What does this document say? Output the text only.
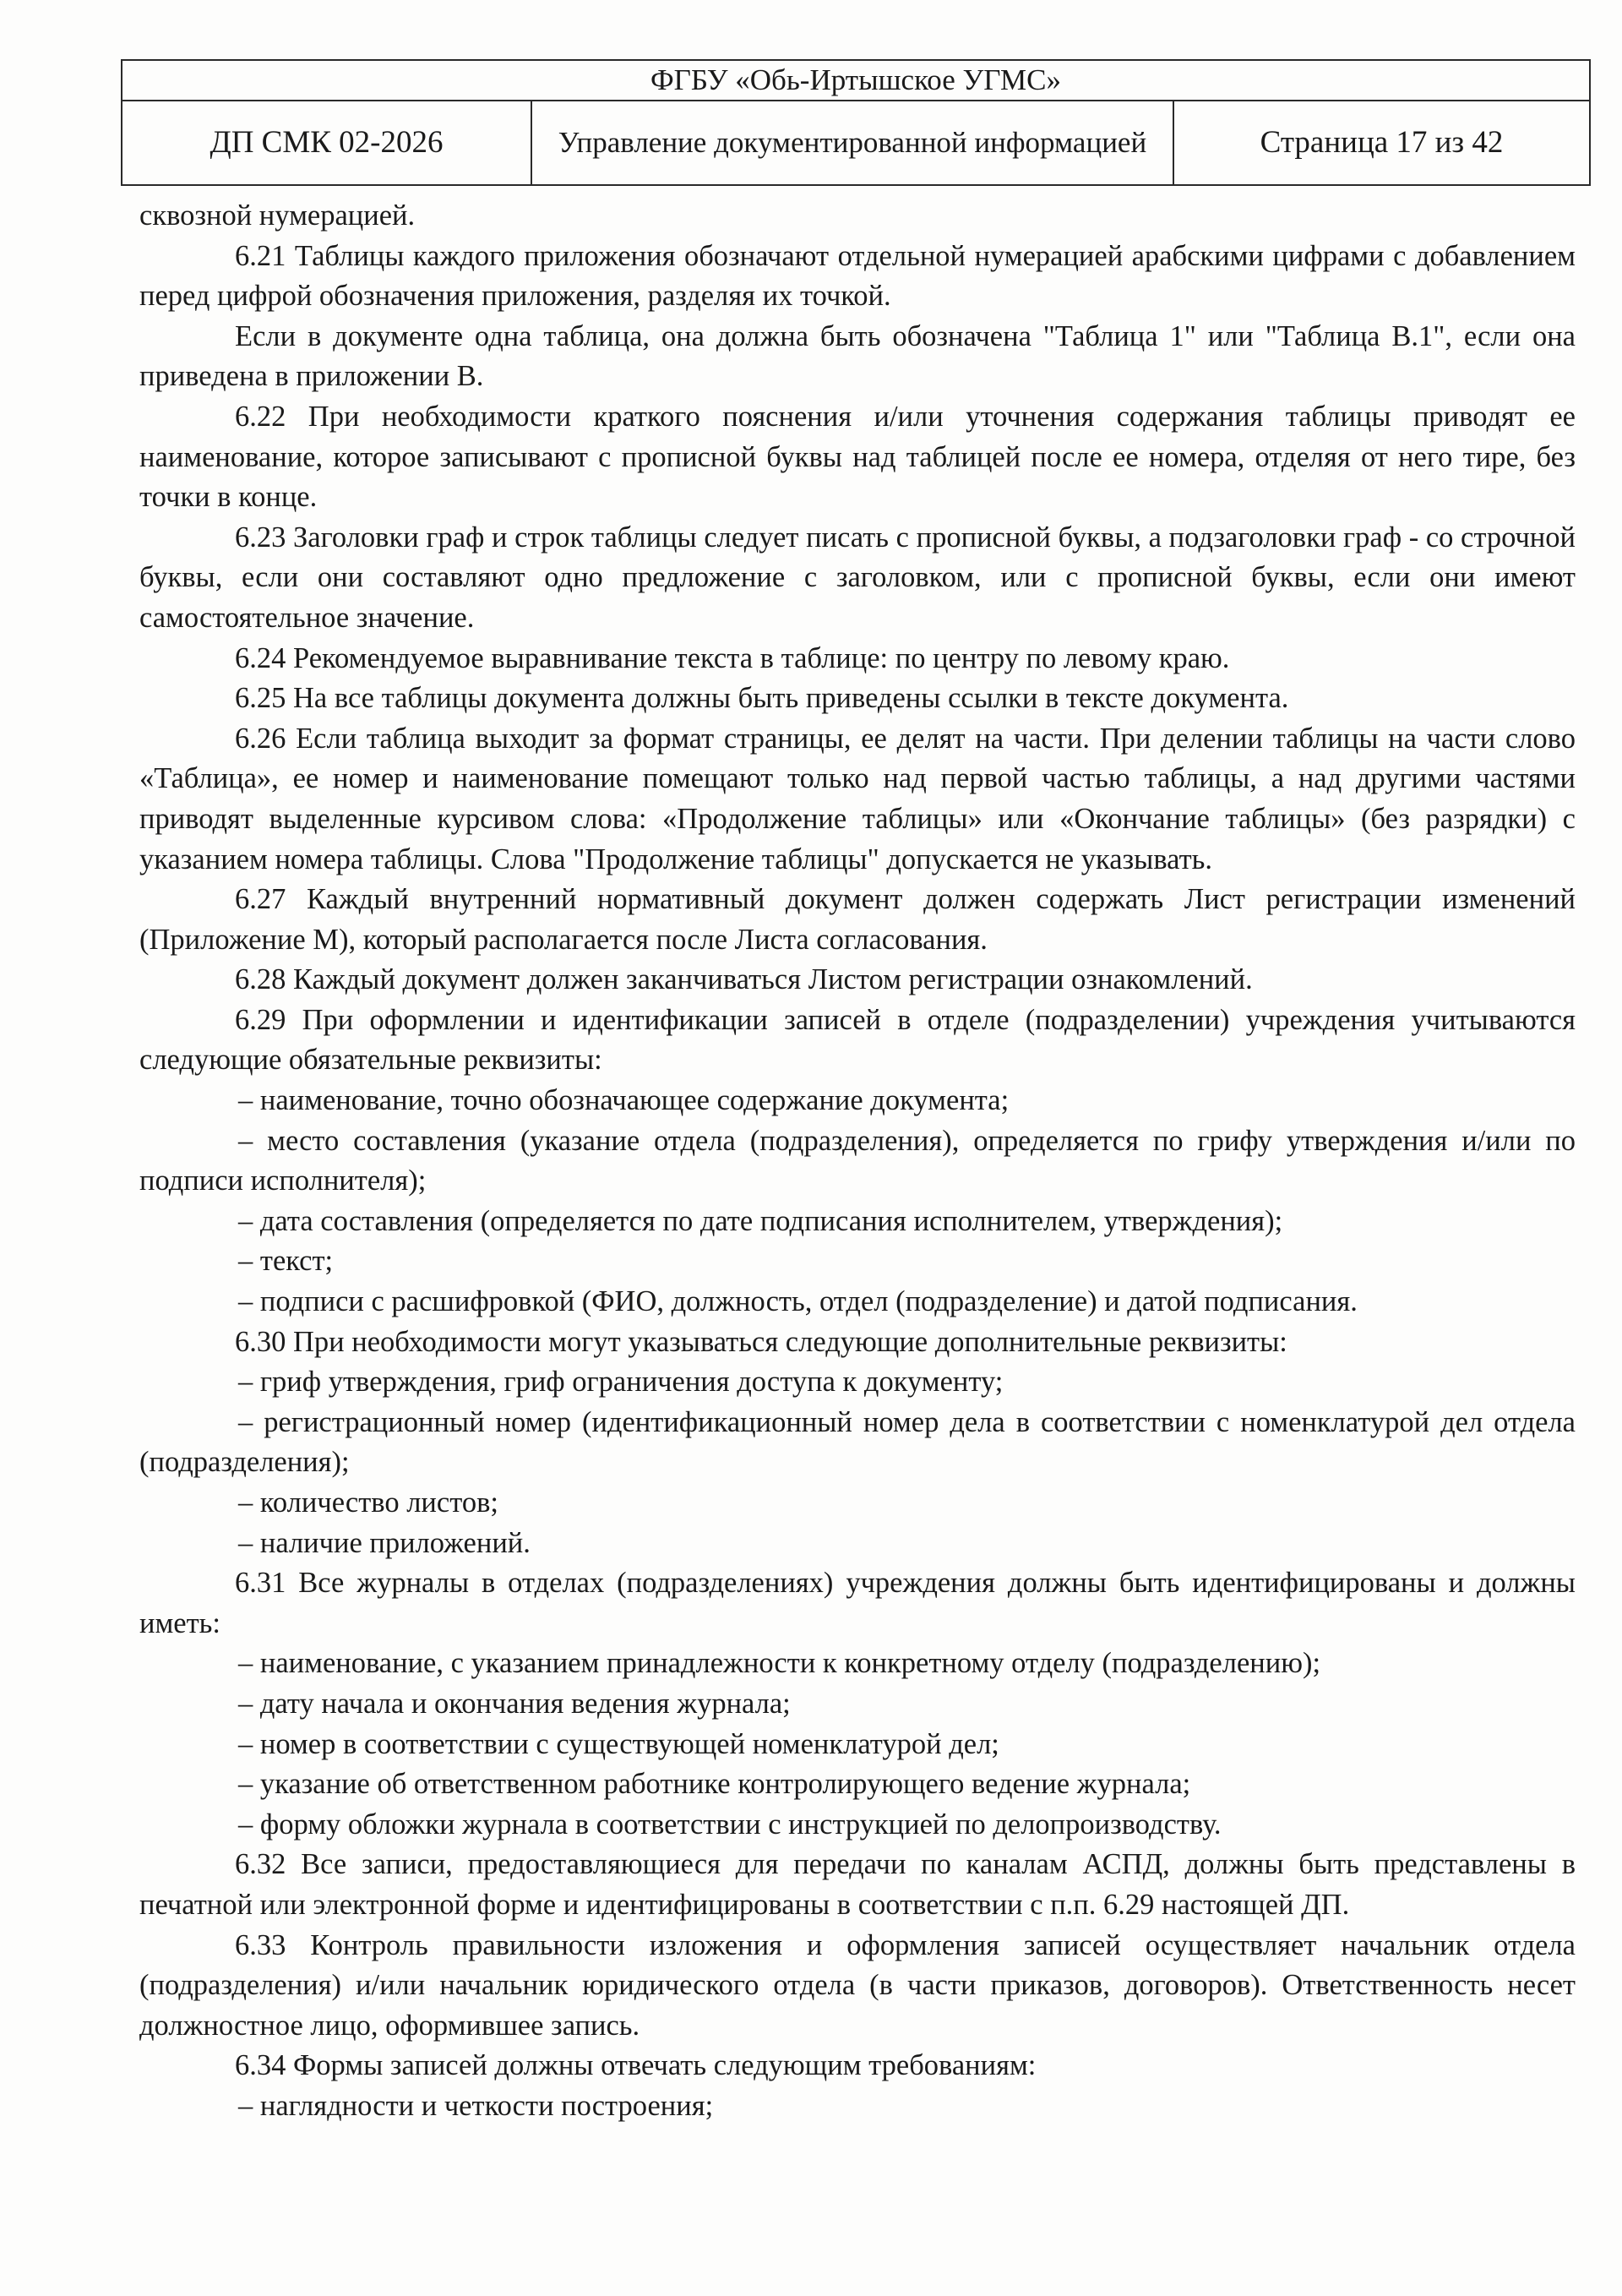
ФГБУ «Обь-Иртышское УГМС»
ДП СМК 02-2026	Управление документированной информацией	Страница 17 из 42

сквозной нумерацией.

6.21 Таблицы каждого приложения обозначают отдельной нумерацией арабскими цифрами с добавлением перед цифрой обозначения приложения, разделяя их точкой.

Если в документе одна таблица, она должна быть обозначена "Таблица 1" или "Таблица В.1", если она приведена в приложении В.

6.22 При необходимости краткого пояснения и/или уточнения содержания таблицы приводят ее наименование, которое записывают с прописной буквы над таблицей после ее номера, отделяя от него тире, без точки в конце.

6.23 Заголовки граф и строк таблицы следует писать с прописной буквы, а подзаголовки граф - со строчной буквы, если они составляют одно предложение с заголовком, или с прописной буквы, если они имеют самостоятельное значение.

6.24 Рекомендуемое выравнивание текста в таблице: по центру по левому краю.

6.25 На все таблицы документа должны быть приведены ссылки в тексте документа.

6.26 Если таблица выходит за формат страницы, ее делят на части. При делении таблицы на части слово «Таблица», ее номер и наименование помещают только над первой частью таблицы, а над другими частями приводят выделенные курсивом слова: «Продолжение таблицы» или «Окончание таблицы» (без разрядки) с указанием номера таблицы. Слова "Продолжение таблицы" допускается не указывать.

6.27 Каждый внутренний нормативный документ должен содержать Лист регистрации изменений (Приложение М), который располагается после Листа согласования.

6.28 Каждый документ должен заканчиваться Листом регистрации ознакомлений.

6.29 При оформлении и идентификации записей в отделе (подразделении) учреждения учитываются следующие обязательные реквизиты:

– наименование, точно обозначающее содержание документа;

– место составления (указание отдела (подразделения), определяется по грифу утверждения и/или по подписи исполнителя);

– дата составления (определяется по дате подписания исполнителем, утверждения);

– текст;

– подписи с расшифровкой (ФИО, должность, отдел (подразделение) и датой подписания.

6.30 При необходимости могут указываться следующие дополнительные реквизиты:

– гриф утверждения, гриф ограничения доступа к документу;

– регистрационный номер (идентификационный номер дела в соответствии с номенклатурой дел отдела (подразделения);

– количество листов;

– наличие приложений.

6.31 Все журналы в отделах (подразделениях) учреждения должны быть идентифицированы и должны иметь:

– наименование, с указанием принадлежности к конкретному отделу (подразделению);

– дату начала и окончания ведения журнала;

– номер в соответствии с существующей номенклатурой дел;

– указание об ответственном работнике контролирующего ведение журнала;

– форму обложки журнала в соответствии с инструкцией по делопроизводству.

6.32 Все записи, предоставляющиеся для передачи по каналам АСПД, должны быть представлены в печатной или электронной форме и идентифицированы в соответствии с п.п. 6.29 настоящей ДП.

6.33 Контроль правильности изложения и оформления записей осуществляет начальник отдела (подразделения) и/или начальник юридического отдела (в части приказов, договоров). Ответственность несет должностное лицо, оформившее запись.

6.34 Формы записей должны отвечать следующим требованиям:

– наглядности и четкости построения;
